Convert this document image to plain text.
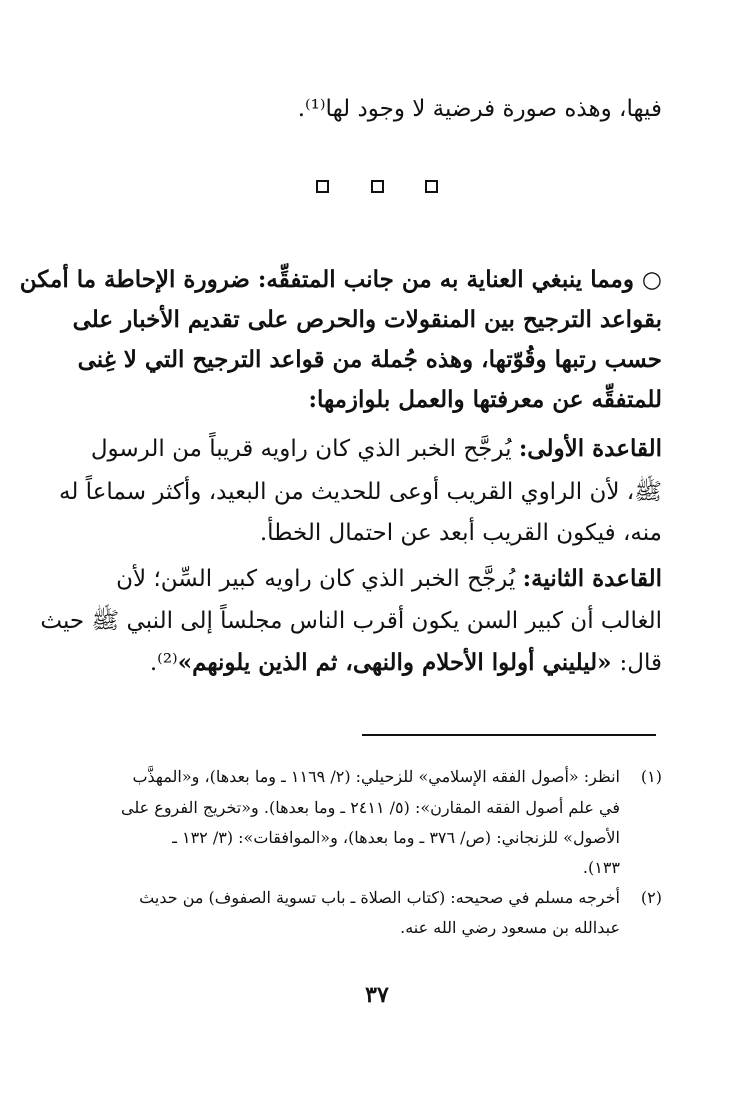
فيها، وهذه صورة فرضية لا وجود لها⁽¹⁾.
○ ومما ينبغي العناية به من جانب المتفقِّه: ضرورة الإحاطة ما أمكن
بقواعد الترجيح بين المنقولات والحرص على تقديم الأخبار على
حسب رتبها وقُوّتها، وهذه جُملة من قواعد الترجيح التي لا غِنى
للمتفقِّه عن معرفتها والعمل بلوازمها:
القاعدة الأولى: يُرجَّح الخبر الذي كان راويه قريباً من الرسول
ﷺ، لأن الراوي القريب أوعى للحديث من البعيد، وأكثر سماعاً له
منه، فيكون القريب أبعد عن احتمال الخطأ.
القاعدة الثانية: يُرجَّح الخبر الذي كان راويه كبير السِّن؛ لأن
الغالب أن كبير السن يكون أقرب الناس مجلساً إلى النبي ﷺ حيث
قال: «ليليني أولوا الأحلام والنهى، ثم الذين يلونهم»⁽²⁾.
(١)
انظر: «أصول الفقه الإسلامي» للزحيلي: (٢/ ١١٦٩ ـ وما بعدها)، و«المهذَّب
في علم أصول الفقه المقارن»: (٥/ ٢٤١١ ـ وما بعدها). و«تخريج الفروع على
الأصول» للزنجاني: (ص/ ٣٧٦ ـ وما بعدها)، و«الموافقات»: (٣/ ١٣٢ ـ
١٣٣).
(٢)
أخرجه مسلم في صحيحه: (كتاب الصلاة ـ باب تسوية الصفوف) من حديث
عبدالله بن مسعود رضي الله عنه.
٣٧
